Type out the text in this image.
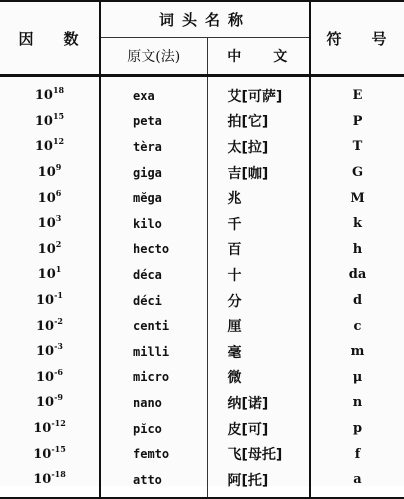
因 数	词头名称		符 号
	原文(法)	中 文	
$10^{18}$	exa	艾[可萨]	E
$10^{15}$	peta	拍[它]	P
$10^{12}$	tèra	太[拉]	T
$10^9$	giga	吉[咖]	G
$10^6$	mĕga	兆	M
$10^3$	kilo	千	k
$10^2$	hecto	百	h
$10^1$	déca	十	da
$10^{-1}$	déci	分	d
$10^{-2}$	centi	厘	c
$10^{-3}$	milli	毫	m
$10^{-6}$	micro	微	μ
$10^{-9}$	nano	纳[诺]	n
$10^{-12}$	pĭco	皮[可]	p
$10^{-15}$	femto	飞[母托]	f
$10^{-18}$	atto	阿[托]	a
